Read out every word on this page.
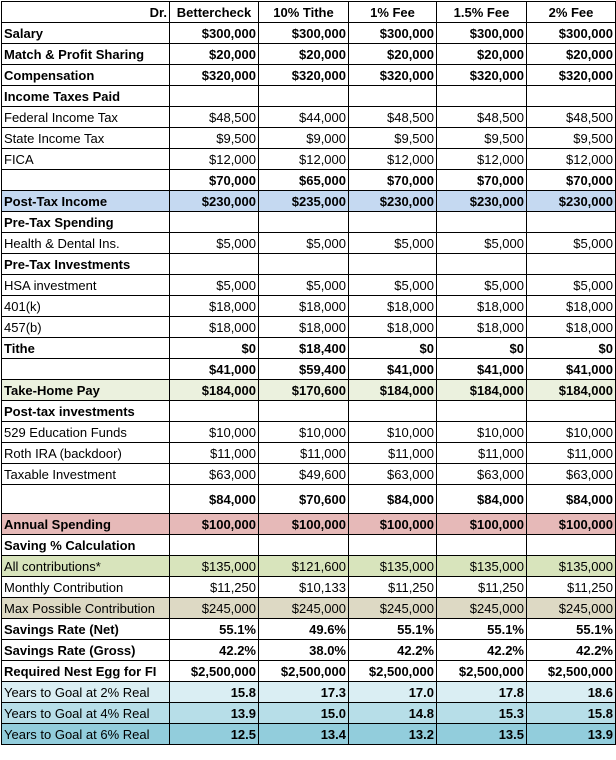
Dr.	Bettercheck	10% Tithe	1% Fee	1.5% Fee	2% Fee
Salary	$300,000	$300,000	$300,000	$300,000	$300,000
Match & Profit Sharing	$20,000	$20,000	$20,000	$20,000	$20,000
Compensation	$320,000	$320,000	$320,000	$320,000	$320,000
Income Taxes Paid					
Federal Income Tax	$48,500	$44,000	$48,500	$48,500	$48,500
State Income Tax	$9,500	$9,000	$9,500	$9,500	$9,500
FICA	$12,000	$12,000	$12,000	$12,000	$12,000
	$70,000	$65,000	$70,000	$70,000	$70,000
Post-Tax Income	$230,000	$235,000	$230,000	$230,000	$230,000
Pre-Tax Spending					
Health & Dental Ins.	$5,000	$5,000	$5,000	$5,000	$5,000
Pre-Tax Investments					
HSA investment	$5,000	$5,000	$5,000	$5,000	$5,000
401(k)	$18,000	$18,000	$18,000	$18,000	$18,000
457(b)	$18,000	$18,000	$18,000	$18,000	$18,000
Tithe	$0	$18,400	$0	$0	$0
	$41,000	$59,400	$41,000	$41,000	$41,000
Take-Home Pay	$184,000	$170,600	$184,000	$184,000	$184,000
Post-tax investments					
529 Education Funds	$10,000	$10,000	$10,000	$10,000	$10,000
Roth IRA (backdoor)	$11,000	$11,000	$11,000	$11,000	$11,000
Taxable Investment	$63,000	$49,600	$63,000	$63,000	$63,000
	$84,000	$70,600	$84,000	$84,000	$84,000
Annual Spending	$100,000	$100,000	$100,000	$100,000	$100,000
Saving % Calculation					
All contributions*	$135,000	$121,600	$135,000	$135,000	$135,000
Monthly Contribution	$11,250	$10,133	$11,250	$11,250	$11,250
Max Possible Contribution	$245,000	$245,000	$245,000	$245,000	$245,000
Savings Rate (Net)	55.1%	49.6%	55.1%	55.1%	55.1%
Savings Rate (Gross)	42.2%	38.0%	42.2%	42.2%	42.2%
Required Nest Egg for FI	$2,500,000	$2,500,000	$2,500,000	$2,500,000	$2,500,000
Years to Goal at 2% Real	15.8	17.3	17.0	17.8	18.6
Years to Goal at 4% Real	13.9	15.0	14.8	15.3	15.8
Years to Goal at 6% Real	12.5	13.4	13.2	13.5	13.9
